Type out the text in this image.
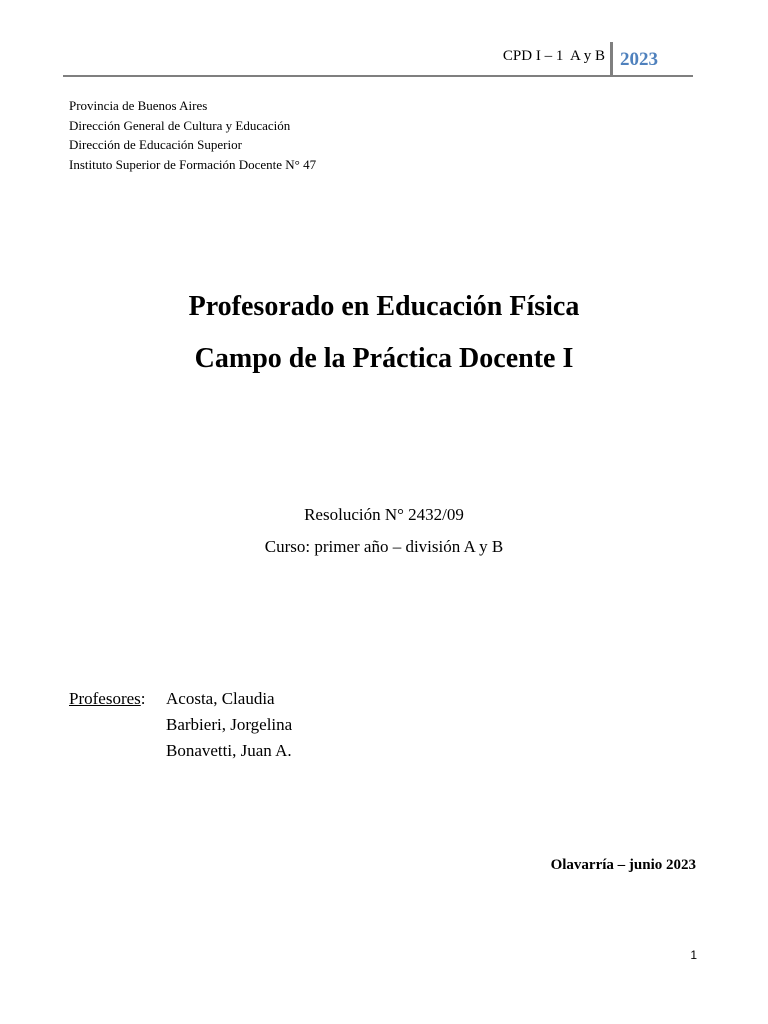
CPD I – 1  A y B 2023
Provincia de Buenos Aires
Dirección General de Cultura y Educación
Dirección de Educación Superior
Instituto Superior de Formación Docente N° 47
Profesorado en Educación Física
Campo de la Práctica Docente I
Resolución N° 2432/09
Curso: primer año – división A y B
Profesores:	Acosta, Claudia
Barbieri, Jorgelina
Bonavetti, Juan A.
Olavarría – junio 2023
1
